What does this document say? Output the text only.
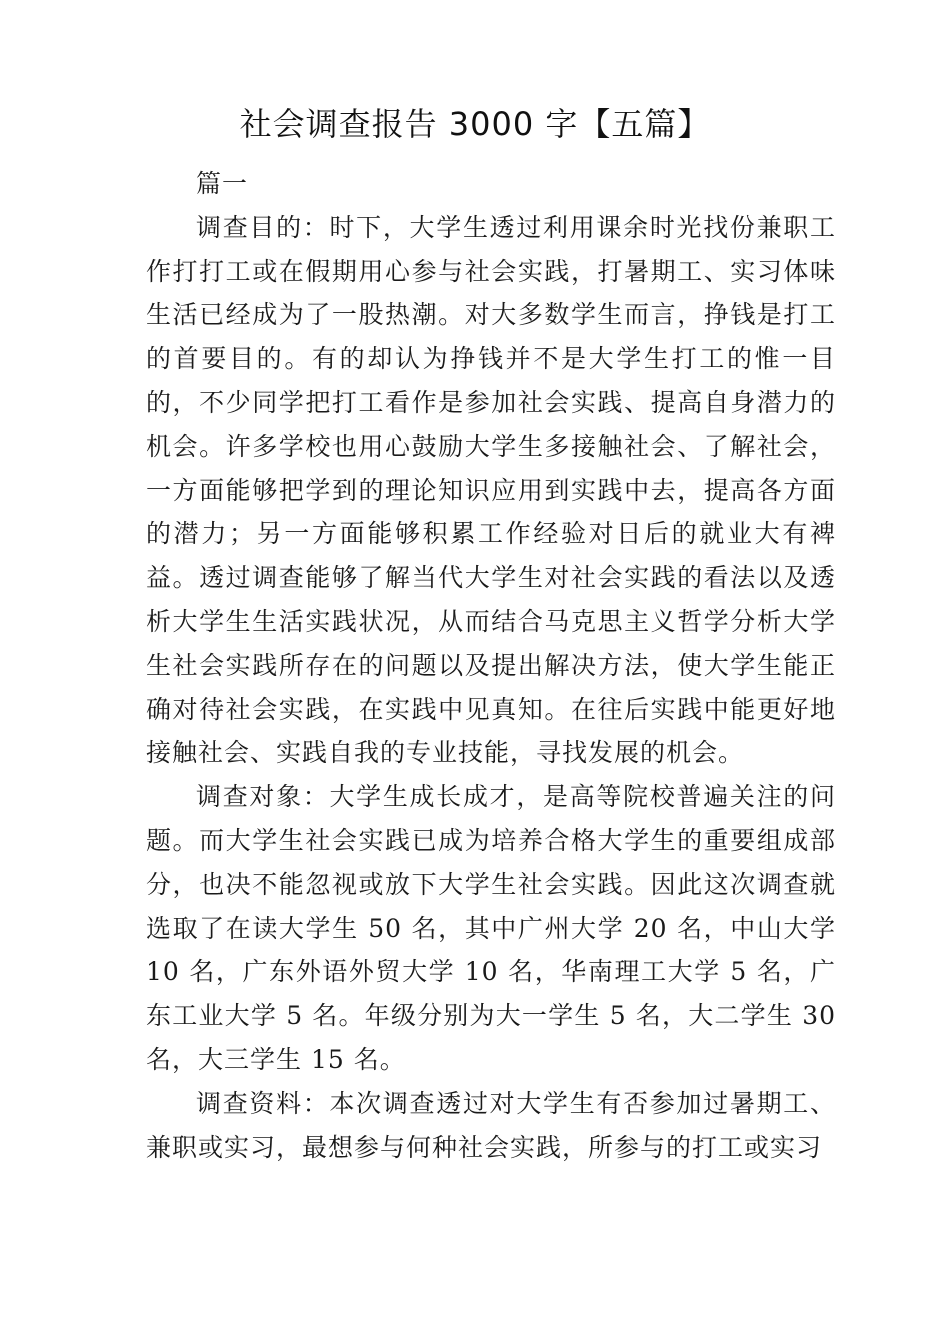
社会调查报告 3000 字【五篇】

篇一

调查目的：时下，大学生透过利用课余时光找份兼职工作打打工或在假期用心参与社会实践，打暑期工、实习体味生活已经成为了一股热潮。对大多数学生而言，挣钱是打工的首要目的。有的却认为挣钱并不是大学生打工的惟一目的，不少同学把打工看作是参加社会实践、提高自身潜力的机会。许多学校也用心鼓励大学生多接触社会、了解社会，一方面能够把学到的理论知识应用到实践中去，提高各方面的潜力；另一方面能够积累工作经验对日后的就业大有裨益。透过调查能够了解当代大学生对社会实践的看法以及透析大学生生活实践状况，从而结合马克思主义哲学分析大学生社会实践所存在的问题以及提出解决方法，使大学生能正确对待社会实践，在实践中见真知。在往后实践中能更好地接触社会、实践自我的专业技能，寻找发展的机会。

调查对象：大学生成长成才，是高等院校普遍关注的问题。而大学生社会实践已成为培养合格大学生的重要组成部分，也决不能忽视或放下大学生社会实践。因此这次调查就选取了在读大学生 50 名，其中广州大学 20 名，中山大学 10 名，广东外语外贸大学 10 名，华南理工大学 5 名，广东工业大学 5 名。年级分别为大一学生 5 名，大二学生 30 名，大三学生 15 名。

调查资料：本次调查透过对大学生有否参加过暑期工、兼职或实习，最想参与何种社会实践，所参与的打工或实习
